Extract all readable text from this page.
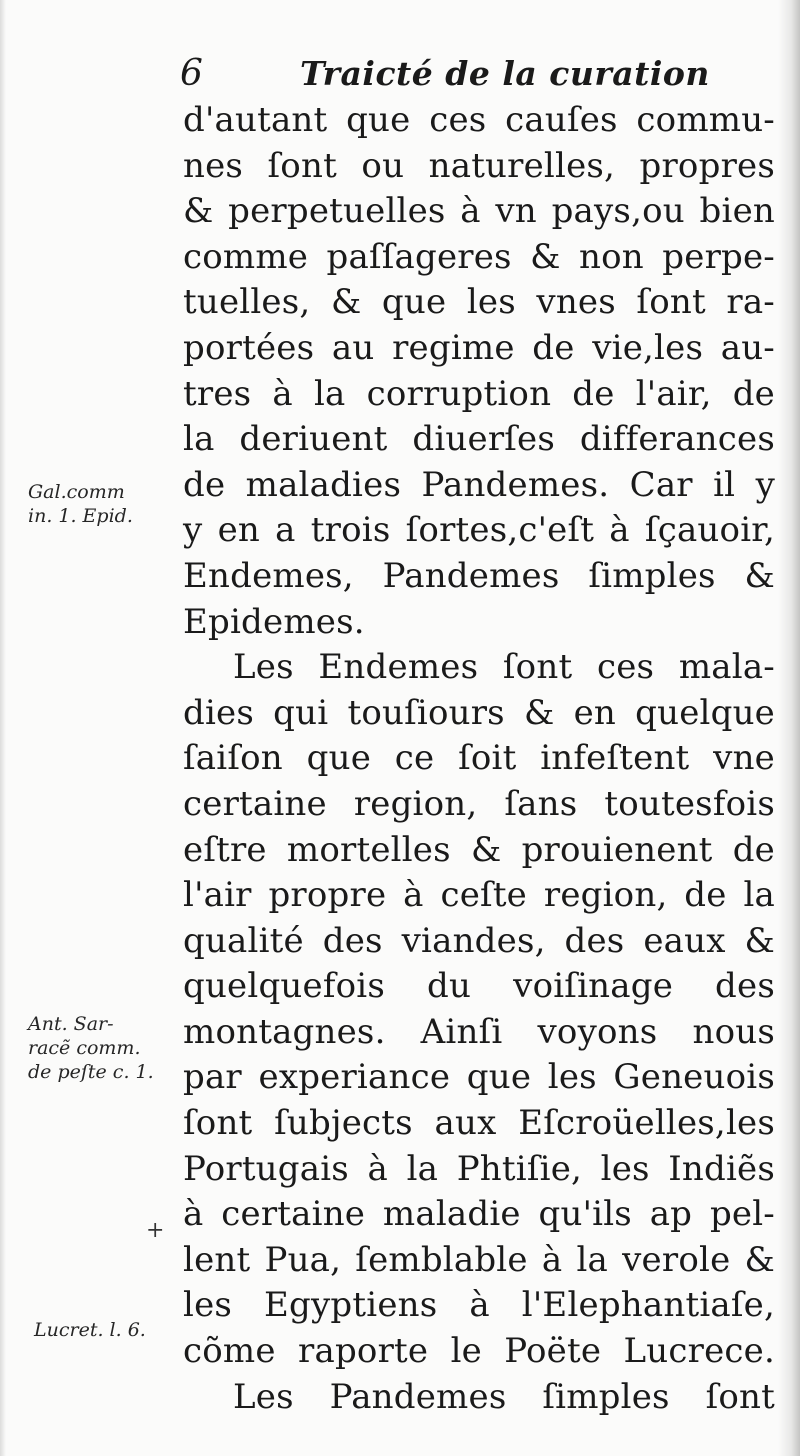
6	Traicté de la curation
d'autant que ces cauſes commu-
nes ſont ou naturelles, propres
& perpetuelles à vn pays,ou bien
comme paſſageres & non perpe-
tuelles, & que les vnes ſont ra-
portées au regime de vie,les au-
tres à la corruption de l'air, de
la deriuent diuerſes differances
de maladies Pandemes. Car il y
y en a trois ſortes,c'eſt à ſçauoir,
Endemes, Pandemes ſimples &
Epidemes.
Les Endemes ſont ces mala-
dies qui touſiours & en quelque
ſaiſon que ce ſoit infeſtent vne
certaine region, ſans toutesfois
eſtre mortelles & prouienent de
l'air propre à ceſte region, de la
qualité des viandes, des eaux &
quelquefois du voiſinage des
montagnes. Ainſi voyons nous
par experiance que les Geneuois
ſont ſubjects aux Eſcroüelles,les
Portugais à la Phtiſie, les Indiẽs
à certaine maladie qu'ils ap pel-
lent Pua, ſemblable à la verole &
les Egyptiens à l'Elephantiaſe,
cõme raporte le Poëte Lucrece.
Les Pandemes ſimples ſont
Gal.comm
in. 1. Epid.
Ant. Sar-
racẽ comm.
de peſte c. 1.
+
Lucret. l. 6.
